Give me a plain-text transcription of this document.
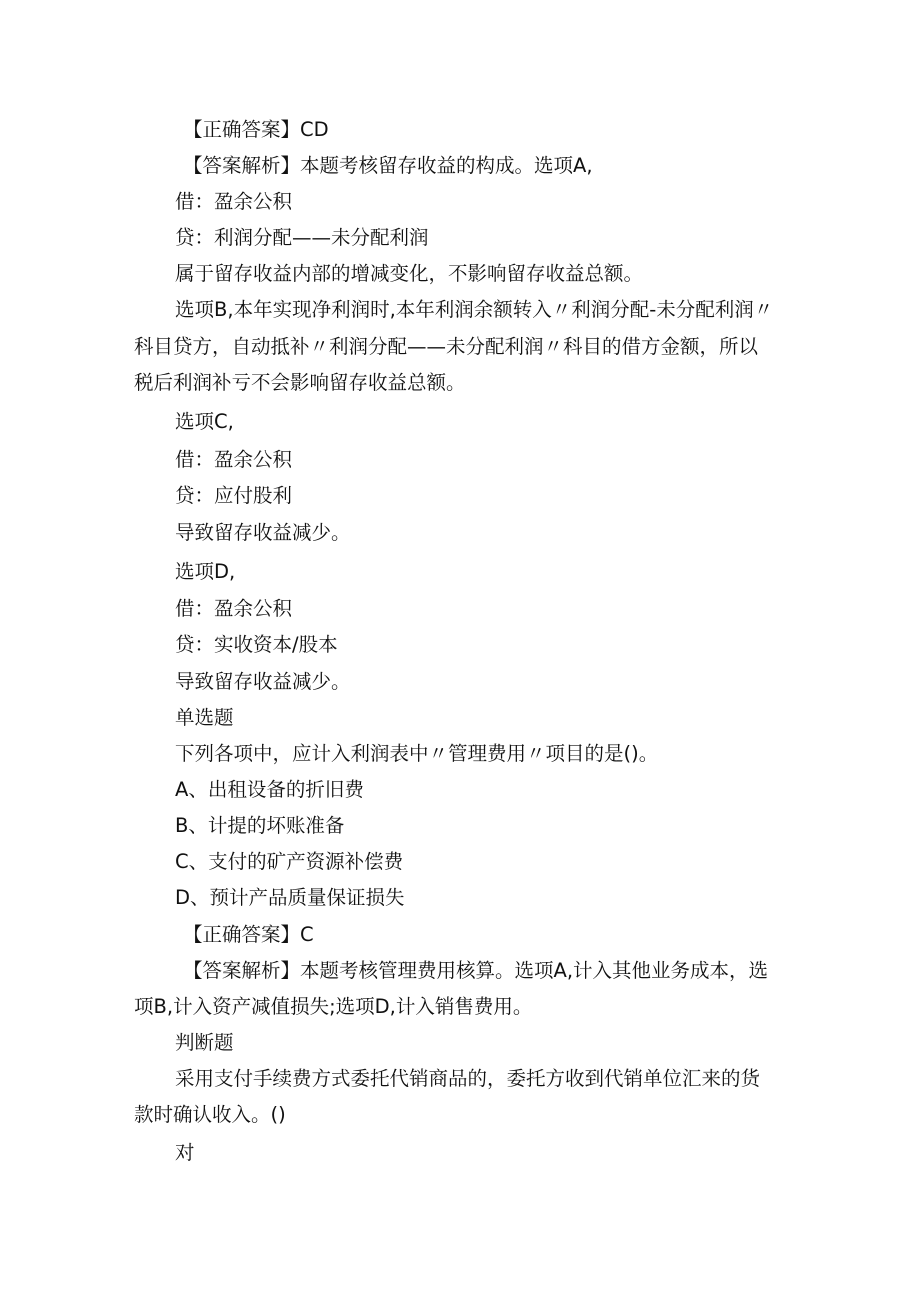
【正确答案】CD
【答案解析】本题考核留存收益的构成。选项A,
借：盈余公积
贷：利润分配——未分配利润
属于留存收益内部的增减变化，不影响留存收益总额。
选项B,本年实现净利润时,本年利润余额转入〃利润分配-未分配利润〃
科目贷方，自动抵补〃利润分配——未分配利润〃科目的借方金额，所以
税后利润补亏不会影响留存收益总额。
选项C,
借：盈余公积
贷：应付股利
导致留存收益减少。
选项D,
借：盈余公积
贷：实收资本/股本
导致留存收益减少。
单选题
下列各项中，应计入利润表中〃管理费用〃项目的是()。
A、出租设备的折旧费
B、计提的坏账准备
C、支付的矿产资源补偿费
D、预计产品质量保证损失
【正确答案】C
【答案解析】本题考核管理费用核算。选项A,计入其他业务成本，选
项B,计入资产减值损失;选项D,计入销售费用。
判断题
采用支付手续费方式委托代销商品的，委托方收到代销单位汇来的货
款时确认收入。()
对
